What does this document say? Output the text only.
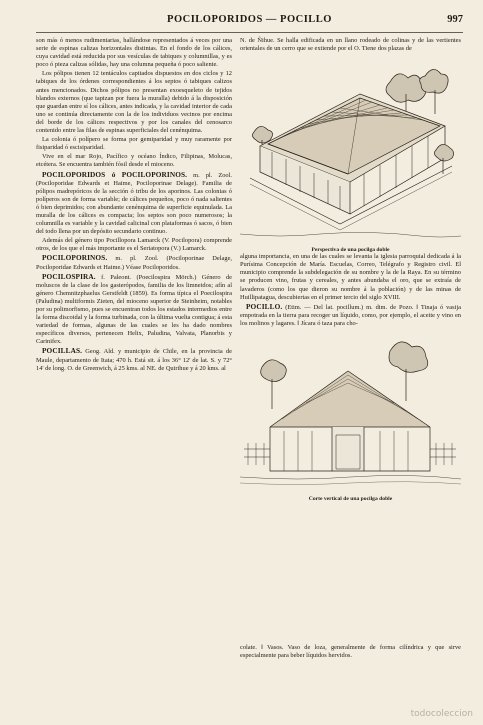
POCILOPORIDOS — POCILLO	997

son más ó menos rudimentarias, hallándose representados á veces por una serie de espinas calizas horizontales distintas. En el fondo de los cálices, cuya cavidad está reducida por sus vesículas de tabiques y columnillas, y es poco ó pieza calizas sólidas, hay una columna pequeña ó poco saliente.

Los pólipos tienen 12 tentáculos capitados dispuestos en dos ciclos y 12 tabiques de los órdenes correspondientes á los septos ó tabiques calizos antes mencionados. Dichos pólipos no presentan exoesqueleto de tejidos blandos externos (que tapizan por fuera la muralla) debido á la disposición que guardan entre sí los cálices, antes indicada, y la cavidad interior de cada uno se continúa directamente con la de los individuos vecinos por encima del borde de los cálices respectivos y por los canales del cenosarco contenido entre las filas de espinas superficiales del cenénquima.

La colonia ó polípero se forma por gemiparidad y muy raramente por fisiparidad ó escisiparidad.

Vive en el mar Rojo, Pacífico y océano Índico, Filipinas, Molucas, etcétera. Se encuentra también fósil desde el mioceno.

POCILOPORIDOS ó POCILOPORINOS. m. pl. Zool. (Pociloporidae Edwards et Haime, Pociloporinae Delage). Familia de pólipos madrepóricos de la sección ó tribu de los aporinos. Las colonias ó políperos son de forma variable; de cálices pequeños, poco ó nada salientes ó bien deprimidos; con abundante cenénquima de superficie equinulada. La muralla de los cálices es compacta; los septos son poco numerosos; la columnilla es variable y la cavidad calicinal con plataformas ó sacos, ó bien del todo llena por un depósito secundario continuo.

Además del género tipo Pocillopora Lamarck (V. Pocilopora) comprende otros, de los que el más importante es el Seriatopora (V.) Lamarck.

POCILOPORINOS. m. pl. Zool. (Pociloporinae Delage, Pociloporidae Edwards et Haime.) Véase Pociloporidos.

POCILOSPIRA. f. Paleont. (Poecilospira Mörch.) Género de moluscos de la clase de los gasterópodos, familia de los limneidos; afín al género Chemnitzphaelus Gerstfeldt (1859). Es forma típica el Poecilospira (Paludina) multiformis Zieten, del mioceno superior de Steinheim, notables por su polimorfismo, pues se encuentran todos los estados intermedios entre la forma discoidal y la forma turbinada, con la última vuelta contigua; á esta variedad de formas, algunas de las cuales se les ha dado nombres específicos diversos, pertenecen Helix, Paludina, Valvata, Planorbis y Carinifex.

POCILLAS. Geog. Ald. y municipio de Chile, en la provincia de Maule, departamento de Itata; 470 h. Está sit. á los 36° 12' de lat. S. y 72° 14' de long. O. de Greenwich, á 25 kms. al NE. de Quirihue y á 20 kms. al

N. de Ñihue. Se halla edificada en un llano rodeado de colinas y de las vertientes orientales de un cerro que se extiende por el O. Tiene dos plazas de

Perspectiva de una pocilga doble

alguna importancia, en una de las cuales se levanta la iglesia parroquial dedicada á la Purísima Concepción de María. Escuelas, Correo, Telégrafo y Registro civil. El municipio comprende la subdelegación de su nombre y la de la Raya. En su término se producen vino, frutas y cereales, y antes abundaba el oro, que se extraía de lavaderos (como los que dieron su nombre á la población) y de las minas de Huillipatagua, descubiertas en el primer tercio del siglo XVIII.

POCILLO. (Etim. — Del lat. pocillum.) m. dim. de Pozo. ‖ Tinaja ó vasija empotrada en la tierra para recoger un líquido, como, por ejemplo, el aceite y vino en los molinos y lagares. ‖ Jícara ó taza para cho-

Corte vertical de una pocilga doble
colate. ‖ Vasos. Vaso de loza, generalmente de forma cilíndrica y que sirve especialmente para beber líquidos hervidos.
todocoleccion
